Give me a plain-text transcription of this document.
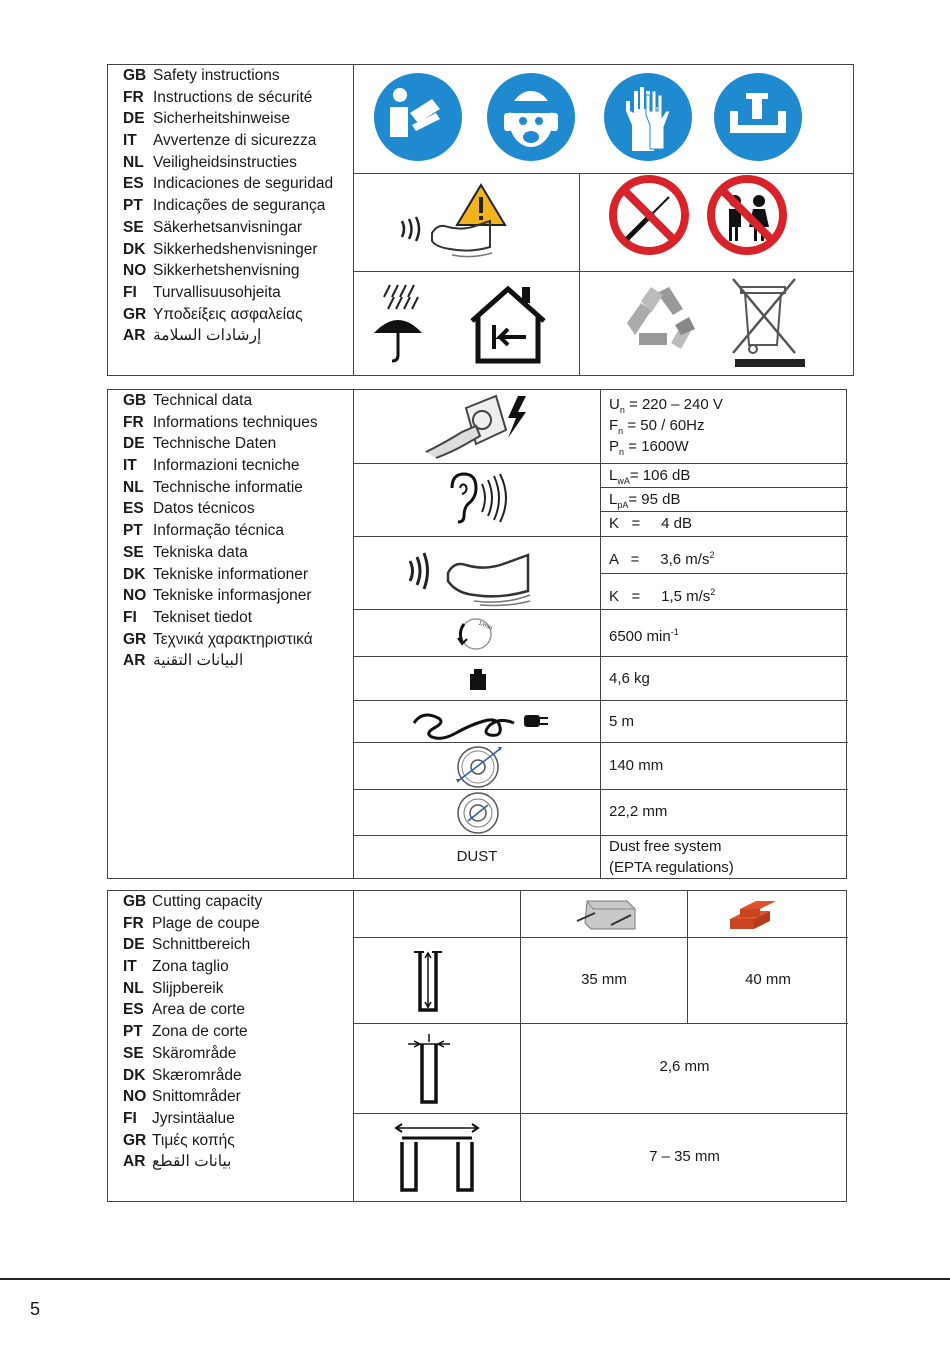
GB Safety instructions
FR Instructions de sécurité
DE Sicherheitshinweise
IT Avvertenze di sicurezza
NL Veiligheidsinstructies
ES Indicaciones de seguridad
PT Indicações de segurança
SE Säkerhetsanvisningar
DK Sikkerhedshenvisninger
NO Sikkerhetshenvisning
FI Turvallisuusohjeita
GR Υποδείξεις ασφαλείας
AR إرشادات السلامة
GB Technical data
FR Informations techniques
DE Technische Daten
IT Informazioni tecniche
NL Technische informatie
ES Datos técnicos
PT Informação técnica
SE Tekniska data
DK Tekniske informationer
NO Tekniske informasjoner
FI Tekniset tiedot
GR Τεχνικά χαρακτηριστικά
AR البيانات التقنية
$U_n = 220 - 240$ V
$F_n = 50 / 60Hz$
$P_n = 1600W$
$L_{wA}= 106$ dB
$L_{pA}= 95$ dB
K   =     4 dB
A   =     3,6 $m/s^2$
K   =     1,5 $m/s^2$
1/min
6500 $\min^{-1}$
4,6 kg
5 m
140 mm
22,2 mm
DUST
Dust free system
(EPTA regulations)
GB Cutting capacity
FR Plage de coupe
DE Schnittbereich
IT Zona taglio
NL Slijpbereik
ES Area de corte
PT Zona de corte
SE Skärområde
DK Skærområde
NO Snittområder
FI Jyrsintäalue
GR Τιμές κοπής
AR بيانات القطع
35 mm	40 mm
2,6 mm
7 – 35 mm
5
